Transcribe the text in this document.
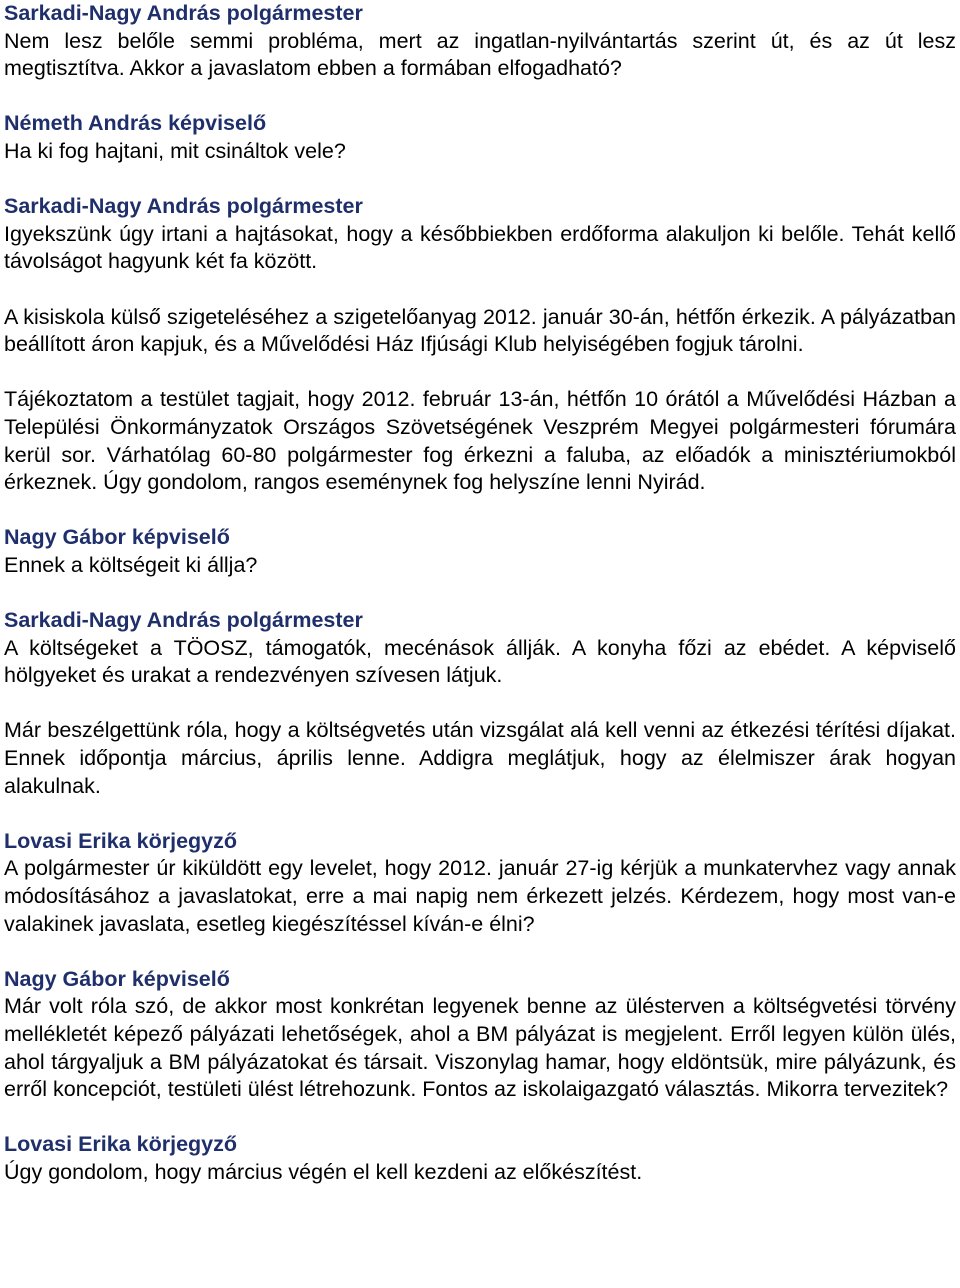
Sarkadi-Nagy András polgármester

Nem lesz belőle semmi probléma, mert az ingatlan-nyilvántartás szerint út, és az út lesz megtisztítva. Akkor a javaslatom ebben a formában elfogadható?

Németh András képviselő

Ha ki fog hajtani, mit csináltok vele?

Sarkadi-Nagy András polgármester

Igyekszünk úgy irtani a hajtásokat, hogy a későbbiekben erdőforma alakuljon ki belőle. Tehát kellő távolságot hagyunk két fa között.

A kisiskola külső szigeteléséhez a szigetelőanyag 2012. január 30-án, hétfőn érkezik. A pályázatban beállított áron kapjuk, és a Művelődési Ház Ifjúsági Klub helyiségében fogjuk tárolni.

Tájékoztatom a testület tagjait, hogy 2012. február 13-án, hétfőn 10 órától a Művelődési Házban a Települési Önkormányzatok Országos Szövetségének Veszprém Megyei polgármesteri fórumára kerül sor. Várhatólag 60-80 polgármester fog érkezni a faluba, az előadók a minisztériumokból érkeznek. Úgy gondolom, rangos eseménynek fog helyszíne lenni Nyirád.

Nagy Gábor képviselő

Ennek a költségeit ki állja?

Sarkadi-Nagy András polgármester

A költségeket a TÖOSZ, támogatók, mecénások állják. A konyha főzi az ebédet. A képviselő hölgyeket és urakat a rendezvényen szívesen látjuk.

Már beszélgettünk róla, hogy a költségvetés után vizsgálat alá kell venni az étkezési térítési díjakat. Ennek időpontja március, április lenne. Addigra meglátjuk, hogy az élelmiszer árak hogyan alakulnak.

Lovasi Erika körjegyző

A polgármester úr kiküldött egy levelet, hogy 2012. január 27-ig kérjük a munkatervhez vagy annak módosításához a javaslatokat, erre a mai napig nem érkezett jelzés. Kérdezem, hogy most van-e valakinek javaslata, esetleg kiegészítéssel kíván-e élni?

Nagy Gábor képviselő

Már volt róla szó, de akkor most konkrétan legyenek benne az ülésterven a költségvetési törvény mellékletét képező pályázati lehetőségek, ahol a BM pályázat is megjelent. Erről legyen külön ülés, ahol tárgyaljuk a BM pályázatokat és társait. Viszonylag hamar, hogy eldöntsük, mire pályázunk, és erről koncepciót, testületi ülést létrehozunk. Fontos az iskolaigazgató választás. Mikorra tervezitek?

Lovasi Erika körjegyző

Úgy gondolom, hogy március végén el kell kezdeni az előkészítést.
